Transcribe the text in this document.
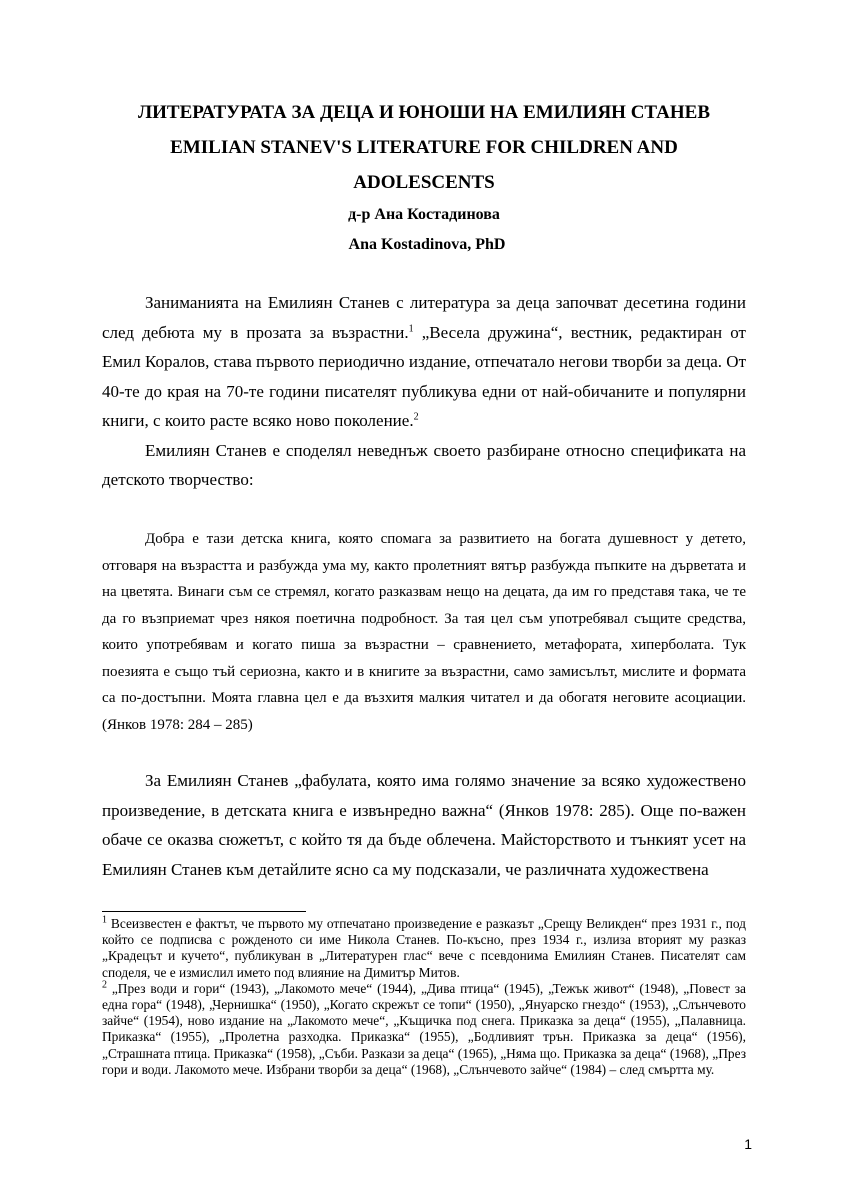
ЛИТЕРАТУРАТА ЗА ДЕЦА И ЮНОШИ НА ЕМИЛИЯН СТАНЕВ
EMILIAN STANEV'S LITERATURE FOR CHILDREN AND
ADOLESCENTS
д-р Ана Костадинова
Ana Kostadinova, PhD

Заниманията на Емилиян Станев с литература за деца започват десетина години след дебюта му в прозата за възрастни.$^1$ „Весела дружина“, вестник, редактиран от Емил Коралов, става първото периодично издание, отпечатало негови творби за деца. От 40-те до края на 70-те години писателят публикува едни от най-обичаните и популярни книги, с които расте всяко ново поколение.$^2$

Емилиян Станев е споделял неведнъж своето разбиране относно спецификата на детското творчество:

Добра е тази детска книга, която спомага за развитието на богата душевност у детето, отговаря на възрастта и разбужда ума му, както пролетният вятър разбужда пъпките на дърветата и на цветята. Винаги съм се стремял, когато разказвам нещо на децата, да им го представя така, че те да го възприемат чрез някоя поетична подробност. За тая цел съм употребявал същите средства, които употребявам и когато пиша за възрастни – сравнението, метафората, хиперболата. Тук поезията е също тъй сериозна, както и в книгите за възрастни, само замисълът, мислите и формата са по-достъпни. Моята главна цел е да възхитя малкия читател и да обогатя неговите асоциации. (Янков 1978: 284 – 285)

За Емилиян Станев „фабулата, която има голямо значение за всяко художествено произведение, в детската книга е извънредно важна“ (Янков 1978: 285). Още по-важен обаче се оказва сюжетът, с който тя да бъде облечена. Майсторството и тънкият усет на Емилиян Станев към детайлите ясно са му подсказали, че различната художествена

$^1$ Всеизвестен е фактът, че първото му отпечатано произведение е разказът „Срещу Великден“ през 1931 г., под който се подписва с рожденото си име Никола Станев. По-късно, през 1934 г., излиза вторият му разказ „Крадецът и кучето“, публикуван в „Литературен глас“ вече с псевдонима Емилиян Станев. Писателят сам споделя, че е измислил името под влияние на Димитър Митов.

$^2$ „През води и гори“ (1943), „Лакомото мече“ (1944), „Дива птица“ (1945), „Тежък живот“ (1948), „Повест за една гора“ (1948), „Чернишка“ (1950), „Когато скрежът се топи“ (1950), „Януарско гнездо“ (1953), „Слънчевото зайче“ (1954), ново издание на „Лакомото мече“, „Къщичка под снега. Приказка за деца“ (1955), „Палавница. Приказка“ (1955), „Пролетна разходка. Приказка“ (1955), „Бодливият трън. Приказка за деца“ (1956), „Страшната птица. Приказка“ (1958), „Съби. Разкази за деца“ (1965), „Няма що. Приказка за деца“ (1968), „През гори и води. Лакомото мече. Избрани творби за деца“ (1968), „Слънчевото зайче“ (1984) – след смъртта му.

1
